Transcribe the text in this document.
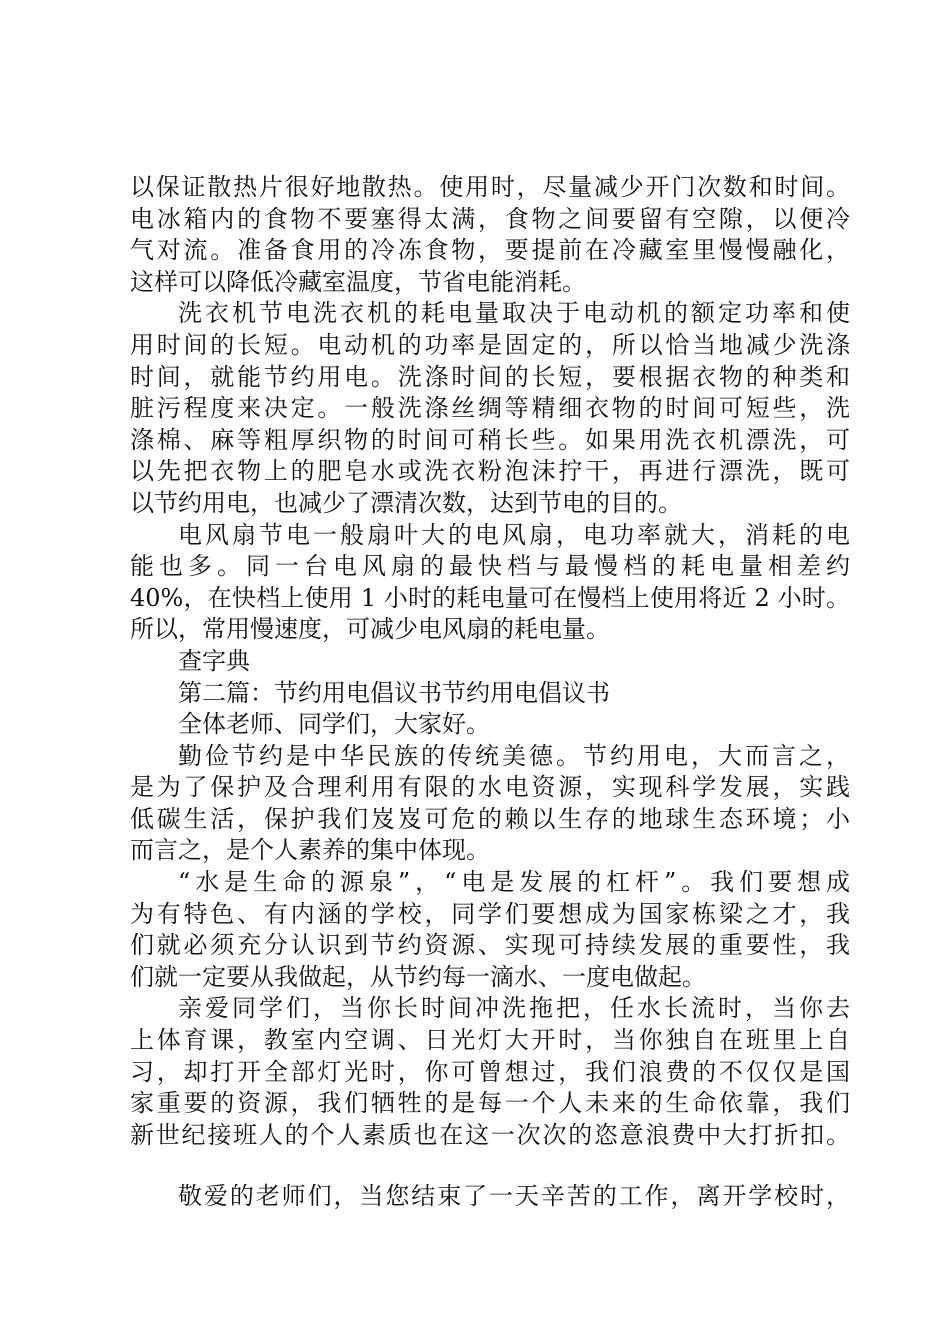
以保证散热片很好地散热。使用时，尽量减少开门次数和时间。
电冰箱内的食物不要塞得太满，食物之间要留有空隙，以便冷
气对流。准备食用的冷冻食物，要提前在冷藏室里慢慢融化，
这样可以降低冷藏室温度，节省电能消耗。
洗衣机节电洗衣机的耗电量取决于电动机的额定功率和使
用时间的长短。电动机的功率是固定的，所以恰当地减少洗涤
时间，就能节约用电。洗涤时间的长短，要根据衣物的种类和
脏污程度来决定。一般洗涤丝绸等精细衣物的时间可短些，洗
涤棉、麻等粗厚织物的时间可稍长些。如果用洗衣机漂洗，可
以先把衣物上的肥皂水或洗衣粉泡沫拧干，再进行漂洗，既可
以节约用电，也减少了漂清次数，达到节电的目的。
电风扇节电一般扇叶大的电风扇，电功率就大，消耗的电
能也多。同一台电风扇的最快档与最慢档的耗电量相差约
40%，在快档上使用 1 小时的耗电量可在慢档上使用将近 2 小时。
所以，常用慢速度，可减少电风扇的耗电量。
查字典
第二篇：节约用电倡议书节约用电倡议书
全体老师、同学们，大家好。
勤俭节约是中华民族的传统美德。节约用电，大而言之，
是为了保护及合理利用有限的水电资源，实现科学发展，实践
低碳生活，保护我们岌岌可危的赖以生存的地球生态环境；小
而言之，是个人素养的集中体现。
“水是生命的源泉”，“电是发展的杠杆”。我们要想成
为有特色、有内涵的学校，同学们要想成为国家栋梁之才，我
们就必须充分认识到节约资源、实现可持续发展的重要性，我
们就一定要从我做起，从节约每一滴水、一度电做起。
亲爱同学们，当你长时间冲洗拖把，任水长流时，当你去
上体育课，教室内空调、日光灯大开时，当你独自在班里上自
习，却打开全部灯光时，你可曾想过，我们浪费的不仅仅是国
家重要的资源，我们牺牲的是每一个人未来的生命依靠，我们
新世纪接班人的个人素质也在这一次次的恣意浪费中大打折扣。
敬爱的老师们，当您结束了一天辛苦的工作，离开学校时，
